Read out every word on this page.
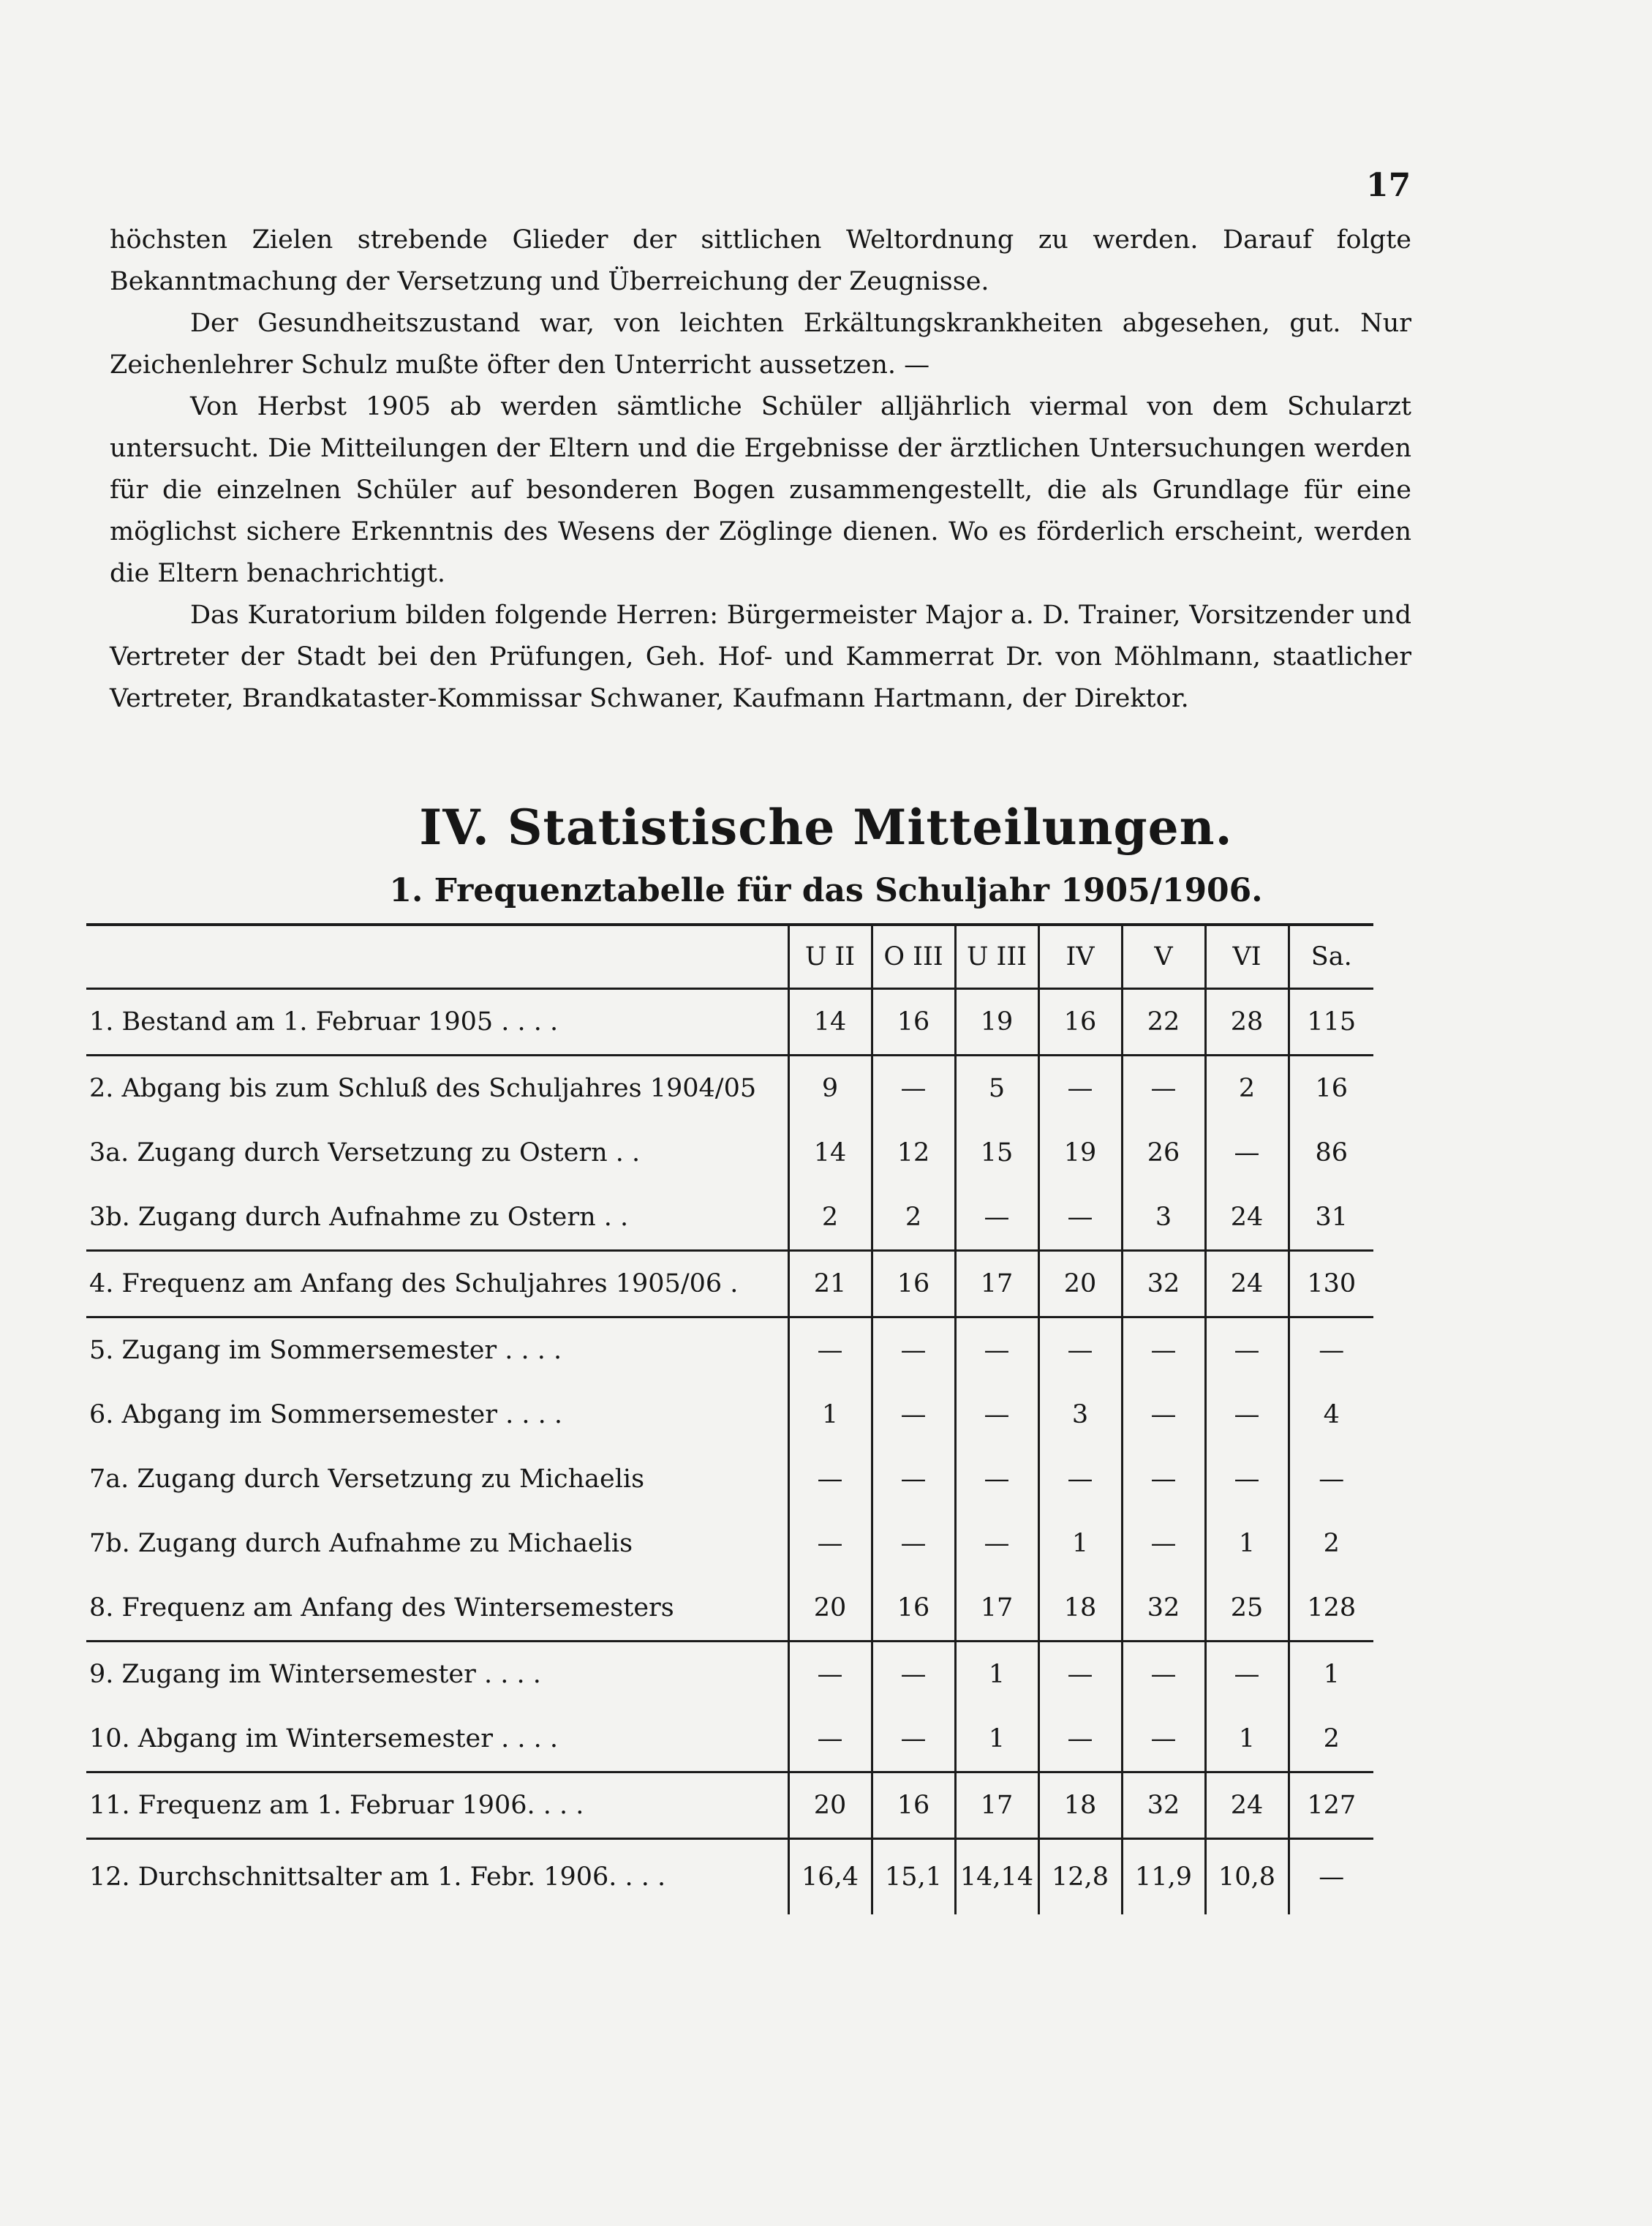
17

höchsten Zielen strebende Glieder der sittlichen Weltordnung zu werden. Darauf folgte Bekanntmachung der Versetzung und Überreichung der Zeugnisse.

Der Gesundheitszustand war, von leichten Erkältungskrankheiten abgesehen, gut. Nur Zeichenlehrer Schulz mußte öfter den Unterricht aussetzen. —

Von Herbst 1905 ab werden sämtliche Schüler alljährlich viermal von dem Schularzt untersucht. Die Mitteilungen der Eltern und die Ergebnisse der ärztlichen Untersuchungen werden für die einzelnen Schüler auf besonderen Bogen zusammengestellt, die als Grundlage für eine möglichst sichere Erkenntnis des Wesens der Zöglinge dienen. Wo es förderlich erscheint, werden die Eltern benachrichtigt.

Das Kuratorium bilden folgende Herren: Bürgermeister Major a. D. Trainer, Vorsitzender und Vertreter der Stadt bei den Prüfungen, Geh. Hof- und Kammerrat Dr. von Möhlmann, staatlicher Vertreter, Brandkataster-Kommissar Schwaner, Kaufmann Hartmann, der Direktor.

IV. Statistische Mitteilungen.
1. Frequenztabelle für das Schuljahr 1905/1906.
	U II	O III	U III	IV	V	VI	Sa.
1. Bestand am 1. Februar 1905 . . . .	14	16	19	16	22	28	115
2. Abgang bis zum Schluß des Schuljahres 1904/05	9	—	5	—	—	2	16
3a. Zugang durch Versetzung zu Ostern . .	14	12	15	19	26	—	86
3b. Zugang durch Aufnahme zu Ostern . .	2	2	—	—	3	24	31
4. Frequenz am Anfang des Schuljahres 1905/06 .	21	16	17	20	32	24	130
5. Zugang im Sommersemester . . . .	—	—	—	—	—	—	—
6. Abgang im Sommersemester . . . .	1	—	—	3	—	—	4
7a. Zugang durch Versetzung zu Michaelis	—	—	—	—	—	—	—
7b. Zugang durch Aufnahme zu Michaelis	—	—	—	1	—	1	2
8. Frequenz am Anfang des Wintersemesters	20	16	17	18	32	25	128
9. Zugang im Wintersemester . . . .	—	—	1	—	—	—	1
10. Abgang im Wintersemester . . . .	—	—	1	—	—	1	2
11. Frequenz am 1. Februar 1906. . . .	20	16	17	18	32	24	127
12. Durchschnittsalter am 1. Febr. 1906. . . .	16,4	15,1	14,14	12,8	11,9	10,8	—
